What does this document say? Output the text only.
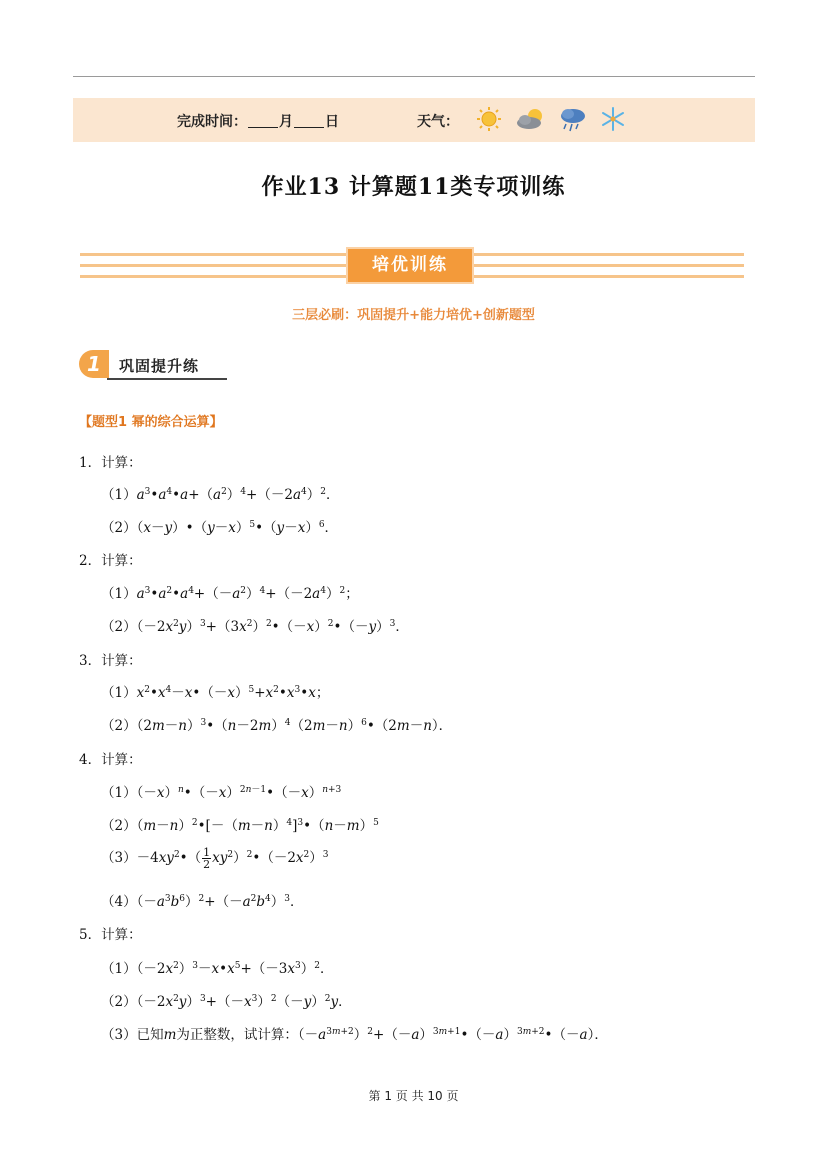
完成时间： 月 日	天气：
作业13 计算题11类专项训练
培优训练
三层必刷：巩固提升+能力培优+创新题型
1	巩固提升练
【题型1 幂的综合运算】
1．计算：
$(1)a^3•a^4•a+(a^2)^4+(-2a^4)^2$．
$(2)(x-y)•(y-x)^5•(y-x)^6$．
2．计算：
$(1)a^3•a^2•a^4+(-a^2)^4+(-2a^4)^2$；
$(2)(-2x^2y)^3+(3x^2)^2•(-x)^2•(-y)^3$．
3．计算：
$(1)x^2•x^4-x•(-x)^5+x^2•x^3•x$；
$(2)(2m-n)^3•(n-2m)^4(2m-n)^6•(2m-n)$．
4．计算：
$(1)(-x)^n•(-x)^{2n-1}•(-x)^{n+3}$
$(2)(m-n)^2•[-(m-n)^4]^3•(n-m)^5$
$(3)-4xy^2•( \frac{1}{2}$ $xy^2)^2•(-2x^2)^3$
$(4)(-a^3b^6)^2+(-a^2b^4)^3$．
5．计算：
$(1)(-2x^2)^3-x•x^5+(-3x^3)^2$．
$(2)(-2x^2y)^3+(-x^3)^2(-y)^2y$．
（3）已知m为正整数，试计算：$(-a^{3m+2})^2+(-a)^{3m+1}•(-a)^{3m+2}•(-a)$．
第 1 页 共 10 页
